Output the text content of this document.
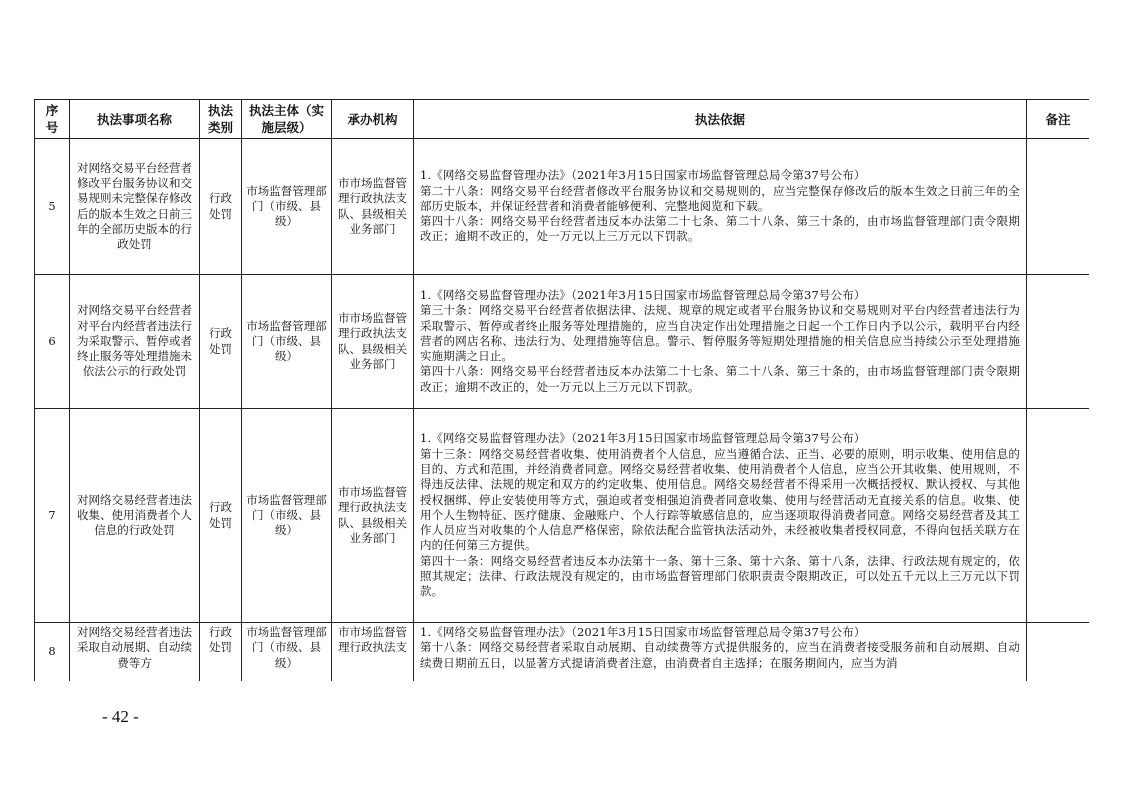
序号	执法事项名称	执法类别	执法主体（实施层级）	承办机构	执法依据	备注
5	对网络交易平台经营者修改平台服务协议和交易规则未完整保存修改后的版本生效之日前三年的全部历史版本的行政处罚	行政处罚	市场监督管理部门（市级、县级）	市市场监督管理行政执法支队、县级相关业务部门	1.《网络交易监督管理办法》（2021年3月15日国家市场监督管理总局令第37号公布）

第二十八条：网络交易平台经营者修改平台服务协议和交易规则的，应当完整保存修改后的版本生效之日前三年的全部历史版本，并保证经营者和消费者能够便利、完整地阅览和下载。

第四十八条：网络交易平台经营者违反本办法第二十七条、第二十八条、第三十条的，由市场监督管理部门责令限期改正；逾期不改正的，处一万元以上三万元以下罚款。	

6	对网络交易平台经营者对平台内经营者违法行为采取警示、暂停或者终止服务等处理措施未依法公示的行政处罚	行政处罚	市场监督管理部门（市级、县级）	市市场监督管理行政执法支队、县级相关业务部门	1.《网络交易监督管理办法》（2021年3月15日国家市场监督管理总局令第37号公布）

第三十条：网络交易平台经营者依据法律、法规、规章的规定或者平台服务协议和交易规则对平台内经营者违法行为采取警示、暂停或者终止服务等处理措施的，应当自决定作出处理措施之日起一个工作日内予以公示，载明平台内经营者的网店名称、违法行为、处理措施等信息。警示、暂停服务等短期处理措施的相关信息应当持续公示至处理措施实施期满之日止。

第四十八条：网络交易平台经营者违反本办法第二十七条、第二十八条、第三十条的，由市场监督管理部门责令限期改正；逾期不改正的，处一万元以上三万元以下罚款。	

7	对网络交易经营者违法收集、使用消费者个人信息的行政处罚	行政处罚	市场监督管理部门（市级、县级）	市市场监督管理行政执法支队、县级相关业务部门	1.《网络交易监督管理办法》（2021年3月15日国家市场监督管理总局令第37号公布）

第十三条：网络交易经营者收集、使用消费者个人信息，应当遵循合法、正当、必要的原则，明示收集、使用信息的目的、方式和范围，并经消费者同意。网络交易经营者收集、使用消费者个人信息，应当公开其收集、使用规则，不得违反法律、法规的规定和双方的约定收集、使用信息。网络交易经营者不得采用一次概括授权、默认授权、与其他授权捆绑、停止安装使用等方式，强迫或者变相强迫消费者同意收集、使用与经营活动无直接关系的信息。收集、使用个人生物特征、医疗健康、金融账户、个人行踪等敏感信息的，应当逐项取得消费者同意。网络交易经营者及其工作人员应当对收集的个人信息严格保密，除依法配合监管执法活动外，未经被收集者授权同意，不得向包括关联方在内的任何第三方提供。

第四十一条：网络交易经营者违反本办法第十一条、第十三条、第十六条、第十八条，法律、行政法规有规定的，依照其规定；法律、行政法规没有规定的，由市场监督管理部门依职责责令限期改正，可以处五千元以上三万元以下罚款。	

8	对网络交易经营者违法采取自动展期、自动续费等方	行政处罚	市场监督管理部门（市级、县级）	市市场监督管理行政执法支	1.《网络交易监督管理办法》（2021年3月15日国家市场监督管理总局令第37号公布）

第十八条：网络交易经营者采取自动展期、自动续费等方式提供服务的，应当在消费者接受服务前和自动展期、自动续费日期前五日，以显著方式提请消费者注意，由消费者自主选择；在服务期间内，应当为消	

- 42 -
